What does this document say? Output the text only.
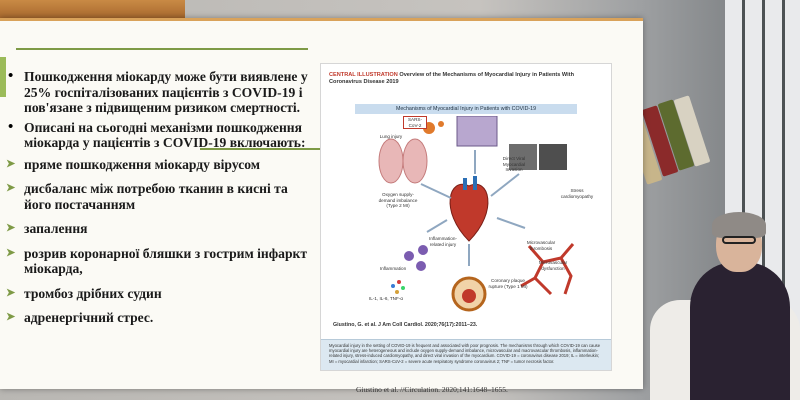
• Пошкодження міокарду може бути виявлене у 25% госпіталізованих пацієнтів з COVID-19 і пов'язане з підвищеним ризиком смертності.
• Описані на сьогодні механізми пошкодження міокарда у пацієнтів з COVID-19 включають:
➤ пряме пошкодження міокарду вірусом
➤ дисбаланс між потребою тканин в кисні та його постачанням
➤ запалення
➤ розрив коронарної бляшки з гострим інфаркт міокарда,
➤ тромбоз дрібних судин
➤ адренергічний стрес.
CENTRAL ILLUSTRATION Overview of the Mechanisms of Myocardial Injury in Patients With Coronavirus Disease 2019
Mechanisms of Myocardial Injury in Patients with COVID-19
SARS-CoV-2
Lung injury
Direct Viral Myocardial Invasion
Oxygen supply-demand imbalance (Type 2 MI)
Stress cardiomyopathy
Inflammation-related injury	Microvascular thrombosis
Inflammation
Microvascular dysfunction
Coronary plaque rupture (Type 1 MI)
IL-1, IL-6, TNF-α
Giustino, G. et al. J Am Coll Cardiol. 2020;76(17):2011–23.
Myocardial injury in the setting of COVID-19 is frequent and associated with poor prognosis. The mechanisms through which COVID-19 can cause myocardial injury are heterogeneous and include oxygen supply-demand imbalance, microvascular and macrovascular thrombosis, inflammation-related injury, stress-induced cardiomyopathy, and direct viral invasion of the myocardium. COVID-19 = coronavirus disease 2019; IL = interleukin; MI = myocardial infarction; SARS-CoV-2 = severe acute respiratory syndrome coronavirus 2; TNF = tumor necrosis factor.
Giustino et al. //Circulation. 2020;141:1648–1655.
